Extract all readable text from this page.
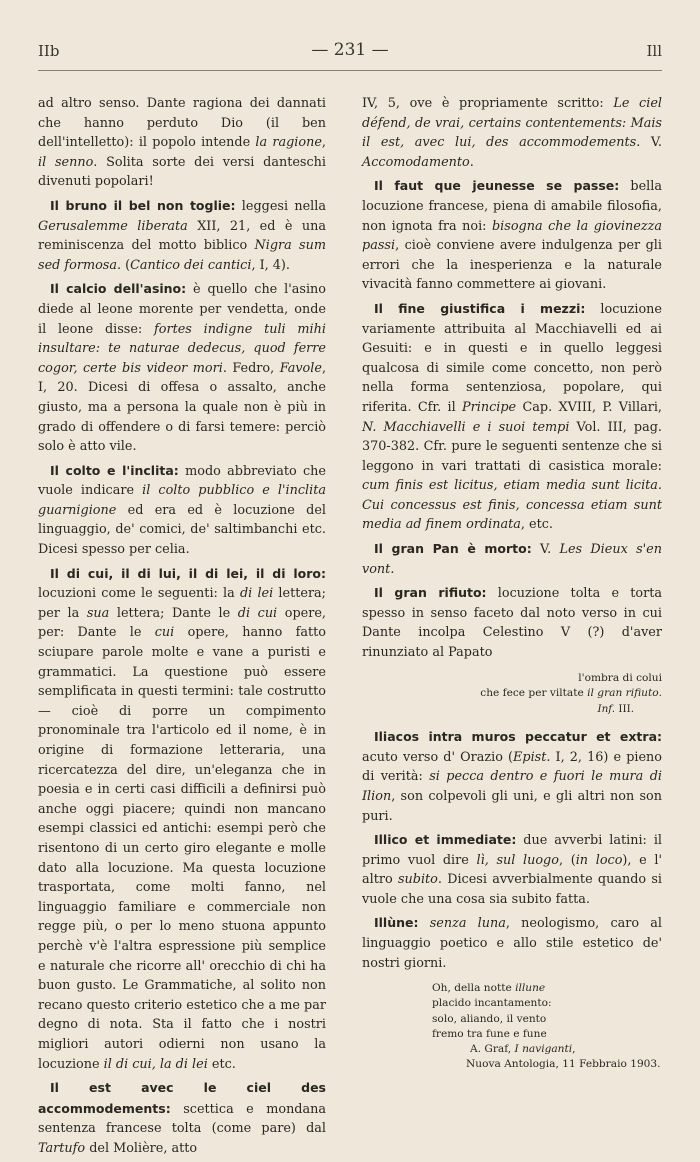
IIb	— 231 —	Ill

ad altro senso. Dante ragiona dei dannati che hanno perduto Dio (il ben dell'intelletto): il popolo intende la ragione, il senno. Solita sorte dei versi danteschi divenuti popolari!

Il bruno il bel non toglie: leggesi nella Gerusalemme liberata XII, 21, ed è una reminiscenza del motto biblico Nigra sum sed formosa. (Cantico dei cantici, I, 4).

Il calcio dell'asino: è quello che l'asino diede al leone morente per vendetta, onde il leone disse: fortes indigne tuli mihi insultare: te naturae dedecus, quod ferre cogor, certe bis videor mori. Fedro, Favole, I, 20. Dicesi di offesa o assalto, anche giusto, ma a persona la quale non è più in grado di offendere o di farsi temere: perciò solo è atto vile.

Il colto e l'inclita: modo abbreviato che vuole indicare il colto pubblico e l'inclita guarnigione ed era ed è locuzione del linguaggio, de' comici, de' saltimbanchi etc. Dicesi spesso per celia.

Il di cui, il di lui, il di lei, il di loro: locuzioni come le seguenti: la di lei lettera; per la sua lettera; Dante le di cui opere, per: Dante le cui opere, hanno fatto sciupare parole molte e vane a puristi e grammatici. La questione può essere semplificata in questi termini: tale costrutto — cioè di porre un compimento pronominale tra l'articolo ed il nome, è in origine di formazione letteraria, una ricercatezza del dire, un'eleganza che in poesia e in certi casi difficili a definirsi può anche oggi piacere; quindi non mancano esempi classici ed antichi: esempi però che risentono di un certo giro elegante e molle dato alla locuzione. Ma questa locuzione trasportata, come molti fanno, nel linguaggio familiare e commerciale non regge più, o per lo meno stuona appunto perchè v'è l'altra espressione più semplice e naturale che ricorre all' orecchio di chi ha buon gusto. Le Grammatiche, al solito non recano questo criterio estetico che a me par degno di nota. Sta il fatto che i nostri migliori autori odierni non usano la locuzione il di cui, la di lei etc.

Il est avec le ciel des accommodements: scettica e mondana sentenza francese tolta (come pare) dal Tartufo del Molière, atto

IV, 5, ove è propriamente scritto: Le ciel défend, de vrai, certains contentements: Mais il est, avec lui, des accommodements. V. Accomodamento.

Il faut que jeunesse se passe: bella locuzione francese, piena di amabile filosofia, non ignota fra noi: bisogna che la giovinezza passi, cioè conviene avere indulgenza per gli errori che la inesperienza e la naturale vivacità fanno commettere ai giovani.

Il fine giustifica i mezzi: locuzione variamente attribuita al Macchiavelli ed ai Gesuiti: e in questi e in quello leggesi qualcosa di simile come concetto, non però nella forma sentenziosa, popolare, qui riferita. Cfr. il Principe Cap. XVIII, P. Villari, N. Macchiavelli e i suoi tempi Vol. III, pag. 370-382. Cfr. pure le seguenti sentenze che si leggono in vari trattati di casistica morale: cum finis est licitus, etiam media sunt licita. Cui concessus est finis, concessa etiam sunt media ad finem ordinata, etc.

Il gran Pan è morto: V. Les Dieux s'en vont.

Il gran rifiuto: locuzione tolta e torta spesso in senso faceto dal noto verso in cui Dante incolpa Celestino V (?) d'aver rinunziato al Papato

l'ombra di colui
che fece per viltate il gran rifiuto.
Inf. III.

Iliacos intra muros peccatur et extra: acuto verso d' Orazio (Epist. I, 2, 16) e pieno di verità: si pecca dentro e fuori le mura di Ilion, son colpevoli gli uni, e gli altri non son puri.

Illico et immediate: due avverbi latini: il primo vuol dire lì, sul luogo, (in loco), e l' altro subito. Dicesi avverbialmente quando si vuole che una cosa sia subito fatta.

Illùne: senza luna, neologismo, caro al linguaggio poetico e allo stile estetico de' nostri giorni.

Oh, della notte illune
placido incantamento:
solo, aliando, il vento
fremo tra fune e fune
A. Graf, I naviganti,
Nuova Antologia, 11 Febbraio 1903.
